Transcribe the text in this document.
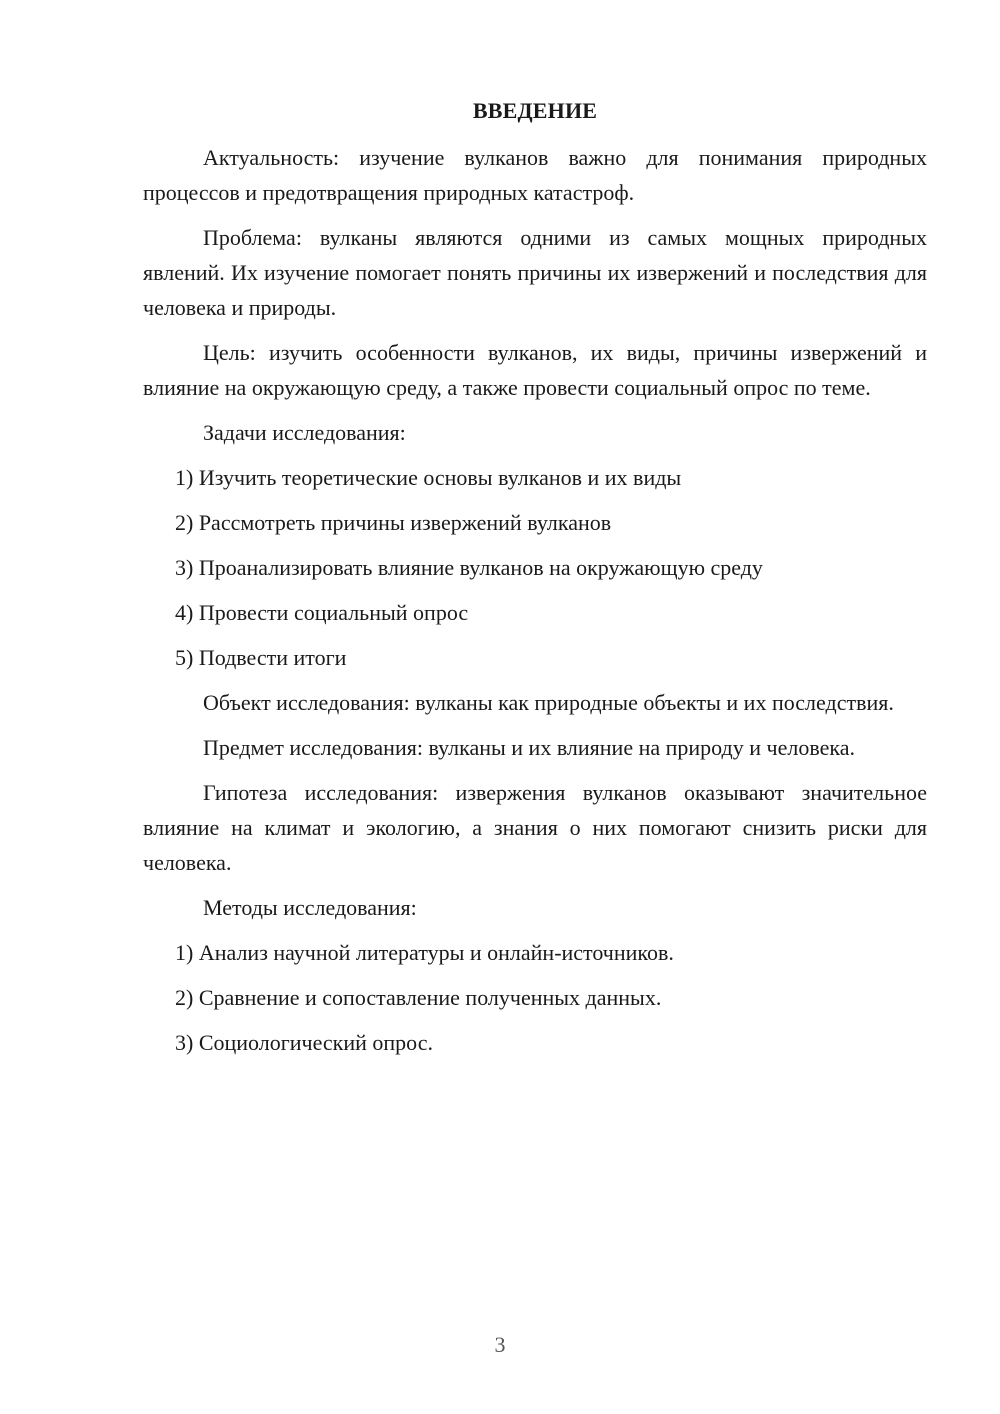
ВВЕДЕНИЕ

Актуальность: изучение вулканов важно для понимания природных процессов и предотвращения природных катастроф.

Проблема: вулканы являются одними из самых мощных природных явлений. Их изучение помогает понять причины их извержений и последствия для человека и природы.

Цель: изучить особенности вулканов, их виды, причины извержений и влияние на окружающую среду, а также провести социальный опрос по теме.

Задачи исследования:

1) Изучить теоретические основы вулканов и их виды
2) Рассмотреть причины извержений вулканов
3) Проанализировать влияние вулканов на окружающую среду
4) Провести социальный опрос
5) Подвести итоги

Объект исследования: вулканы как природные объекты и их последствия.

Предмет исследования: вулканы и их влияние на природу и человека.

Гипотеза исследования: извержения вулканов оказывают значительное влияние на климат и экологию, а знания о них помогают снизить риски для человека.

Методы исследования:

1) Анализ научной литературы и онлайн-источников.
2) Сравнение и сопоставление полученных данных.
3) Социологический опрос.
3
